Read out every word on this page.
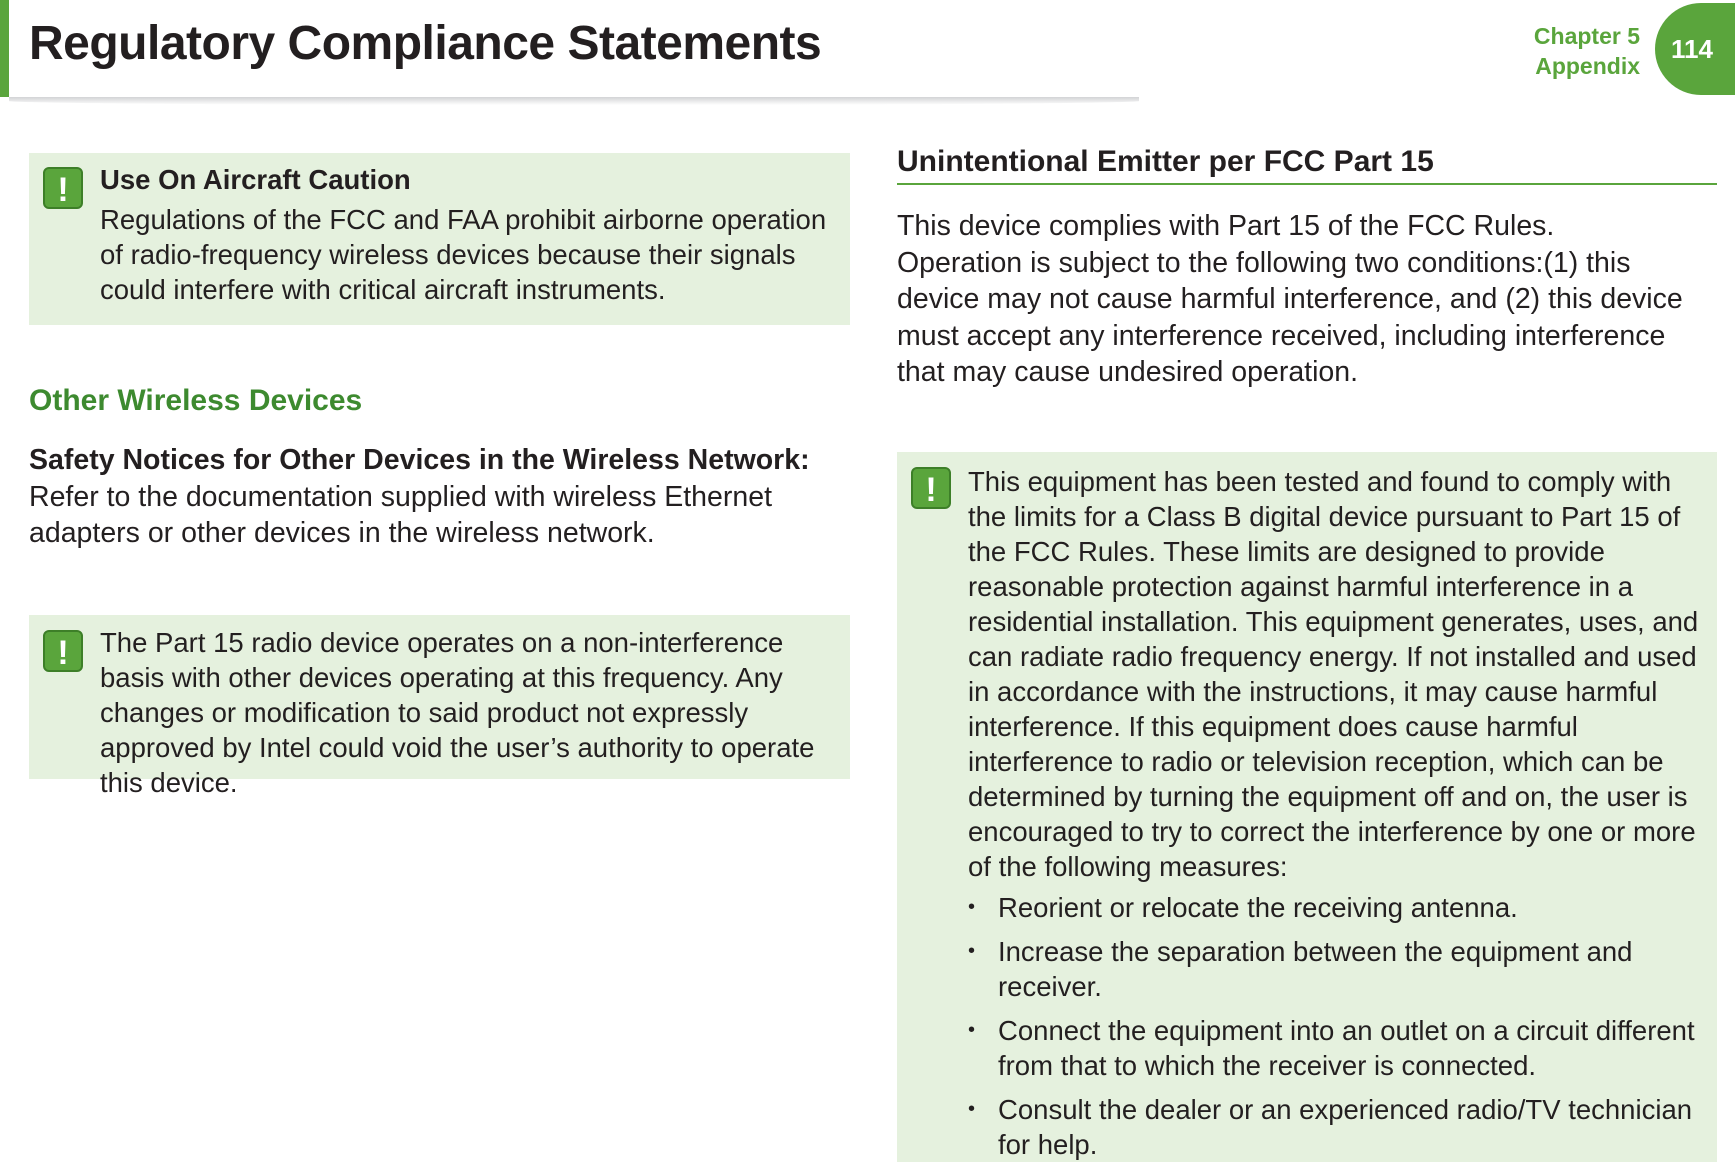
Regulatory Compliance Statements	Chapter 5
Appendix
114
!	Use On Aircraft Caution
Regulations of the FCC and FAA prohibit airborne operation of radio-frequency wireless devices because their signals could interfere with critical aircraft instruments.
Other Wireless Devices
Safety Notices for Other Devices in the Wireless Network: Refer to the documentation supplied with wireless Ethernet adapters or other devices in the wireless network.
!	The Part 15 radio device operates on a non-interference basis with other devices operating at this frequency. Any changes or modification to said product not expressly approved by Intel could void the user’s authority to operate this device.
Unintentional Emitter per FCC Part 15
This device complies with Part 15 of the FCC Rules. Operation is subject to the following two conditions:(1) this device may not cause harmful interference, and (2) this device must accept any interference received, including interference that may cause undesired operation.
!	This equipment has been tested and found to comply with the limits for a Class B digital device pursuant to Part 15 of the FCC Rules. These limits are designed to provide reasonable protection against harmful interference in a residential installation. This equipment generates, uses, and can radiate radio frequency energy. If not installed and used in accordance with the instructions, it may cause harmful interference. If this equipment does cause harmful interference to radio or television reception, which can be determined by turning the equipment off and on, the user is encouraged to try to correct the interference by one or more of the following measures:
• Reorient or relocate the receiving antenna.
• Increase the separation between the equipment and receiver.
• Connect the equipment into an outlet on a circuit different from that to which the receiver is connected.
• Consult the dealer or an experienced radio/TV technician for help.
